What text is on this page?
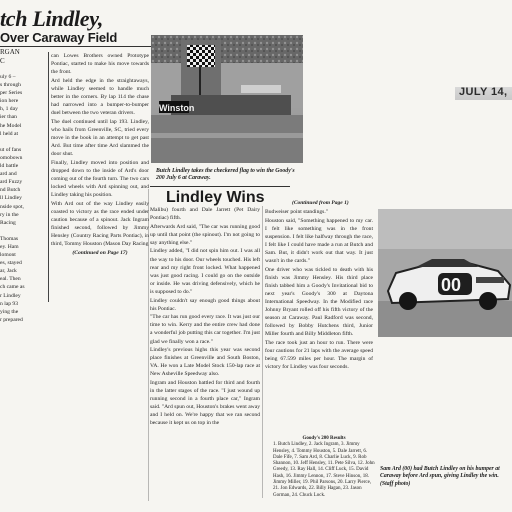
tch Lindley,
Over Caraway Field
RGAN
C
uly 6 –
s through
per Series
ion here
h, 1 day
ier than
he Model
l held at
ut of fans
omobown
ld battle
ard and
ard Fuzzy
nd Butch
ll Lindley
nside spot,
ry in the
Racing
Thomas
ey. Ham
lomont
es, stayed
ar, Jack
eal. Then
ch came as
r Lindley
n lap 93
ying the
r prepared

can Lowes Brothers owned Prototype Pontiac, started to make his move towards the front.

Ard held the edge in the straightaways, while Lindley seemed to handle much better in the corners. By lap 114 the chase had narrowed into a bumper-to-bumper duel between the two veteran drivers.

The duel continued until lap 193. Lindley, who hails from Greenville, SC, tried every move in the book in an attempt to get past Ard. But time after time Ard slammed the door shut.

Finally, Lindley moved into position and dropped down to the inside of Ard's door coming out of the fourth turn. The two cars locked wheels with Ard spinning out, and Lindley taking his position.

With Ard out of the way Lindley easily coasted to victory as the race ended under caution because of a spinout. Jack Ingram finished second, followed by Jimmy Hensley (Country Racing Parts Pontiac), in third, Tommy Houston (Mason Day Racing

(Continued on Page 17)

Winston
Butch Lindley takes the checkered flag to win the Goody's 200 July 6 at Caraway.
JULY 14,
Lindley Wins	(Continued from Page 1)

Malibu) fourth and Dale Jarrett (Pet Dairy Pontiac) fifth.

Afterwards Ard said, "The car was running good up until that point (the spinout). I'm not going to say anything else."

Lindley added, "I did not spin him out. I was all the way to his door. Our wheels touched. His left rear and my right front locked. What happened was just good racing. I could go on the outside or inside. He was driving defensively, which he is supposed to do."

Lindley couldn't say enough good things about his Pontiac.

"The car has run good every race. It was just our time to win. Kerry and the entire crew had done a wonderful job putting this car together. I'm just glad we finally won a race."

Lindley's previous highs this year was second place finishes at Greenville and South Boston, VA. He won a Late Model Stock 150-lap race at New Asheville Speedway also.

Ingram and Houston battled for third and fourth in the latter stages of the race. "I just wound up running second in a fourth place car," Ingram said. "Ard spun out, Houston's brakes went away and I held on. We're happy that we ran second because it kept us on top in the

Budweiser point standings."

Houston said, "Something happened to my car. I felt like something was in the front suspension. I felt like halfway through the race, I felt like I could have made a run at Butch and Sam. But, it didn't work out that way. It just wasn't in the cards."

One driver who was tickled to death with his finish was Jimmy Hensley. His third place finish tabbed him a Goody's Invitational bid to next year's Goody's 300 at Daytona International Speedway. In the Modified race Johnny Bryant rolled off his fifth victory of the season at Caraway. Paul Radford was second, followed by Bobby Hutchens third, Junior Miller fourth and Billy Middleton fifth.

The race took just an hour to run. There were four cautions for 21 laps with the average speed being 67.599 miles per hour. The margin of victory for Lindley was four seconds.

Goody's 200 Results
1. Butch Lindley, 2. Jack Ingram, 3. Jimmy Hensley, 4. Tommy Houston, 5. Dale Jarrett, 6. Dale Fife, 7. Sam Ard, 8. Charlie Luck, 9. Rob Shannon, 10. Jeff Hensley, 11. Pete Silva, 12. John Greedy, 13. Ray Hall, 14. Cliff Luck, 15. David Hash, 16. Jimmy Lennon, 17. Steve Hinson, 18. Jimmy Miller, 19. Phil Parsons, 20. Larry Pierce, 21. Jon Edwards, 22. Billy Hagan, 23. Jason Gorman, 24. Chuck Lock.
00
Sam Ard (00) had Butch Lindley on his bumper at Caraway before Ard spun, giving Lindley the win. (Staff photo)
